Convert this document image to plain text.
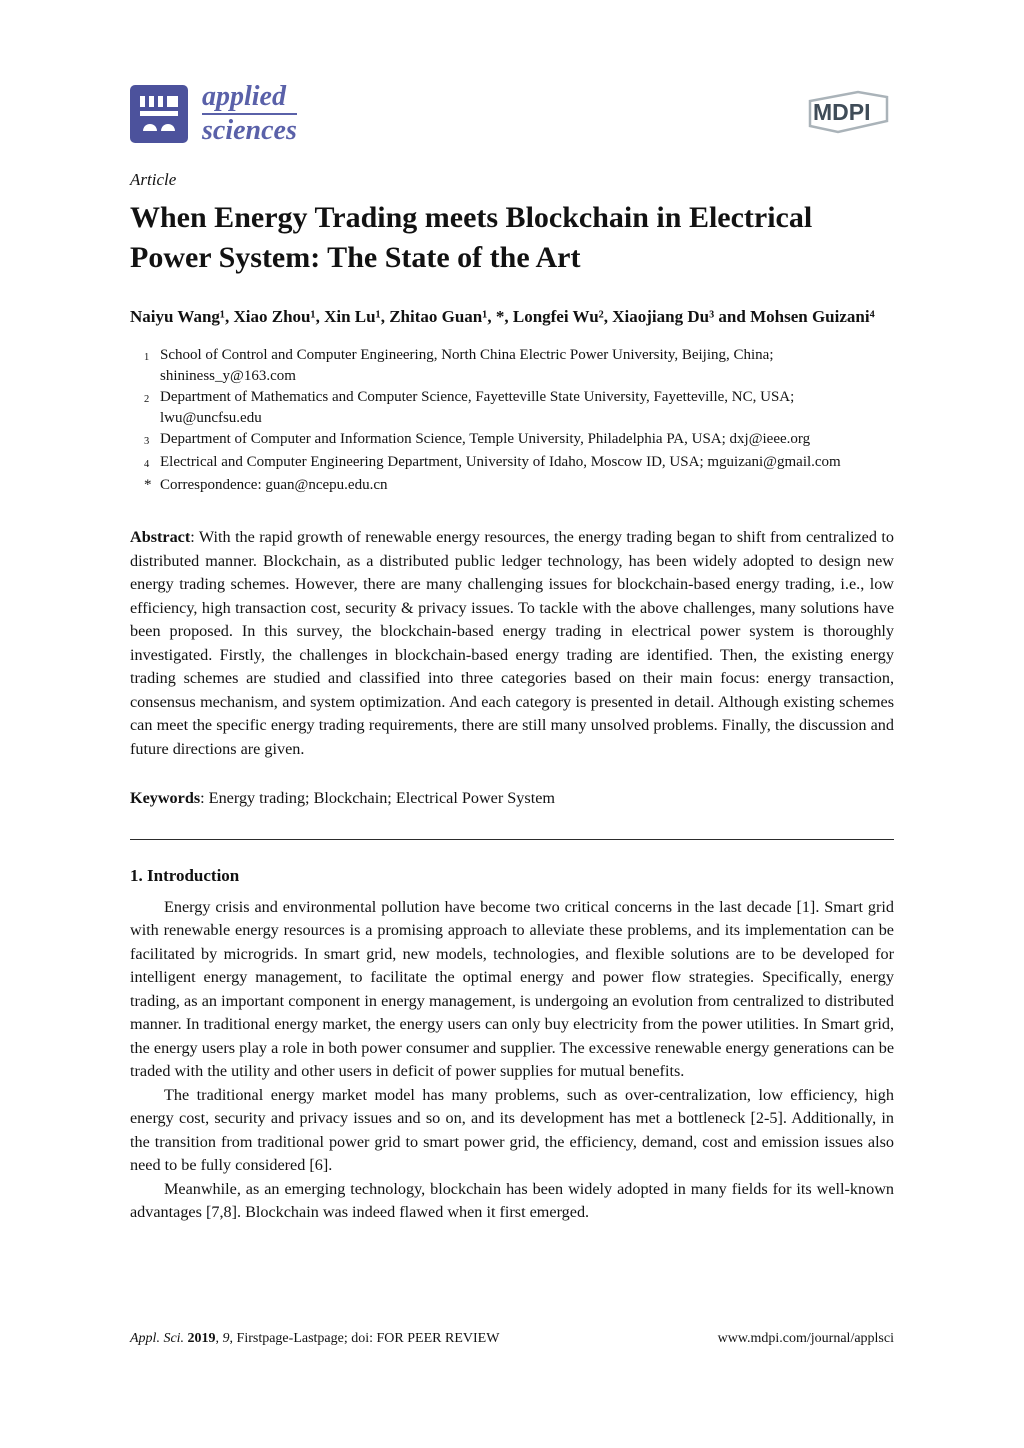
applied
sciences
MDPI

Article

When Energy Trading meets Blockchain in Electrical Power System: The State of the Art

Naiyu Wang¹, Xiao Zhou¹, Xin Lu¹, Zhitao Guan¹, *, Longfei Wu², Xiaojiang Du³ and Mohsen Guizani⁴

1 School of Control and Computer Engineering, North China Electric Power University, Beijing, China; shininess_y@163.com
2 Department of Mathematics and Computer Science, Fayetteville State University, Fayetteville, NC, USA; lwu@uncfsu.edu
3 Department of Computer and Information Science, Temple University, Philadelphia PA, USA; dxj@ieee.org
4 Electrical and Computer Engineering Department, University of Idaho, Moscow ID, USA; mguizani@gmail.com
* Correspondence: guan@ncepu.edu.cn

Abstract: With the rapid growth of renewable energy resources, the energy trading began to shift from centralized to distributed manner. Blockchain, as a distributed public ledger technology, has been widely adopted to design new energy trading schemes. However, there are many challenging issues for blockchain-based energy trading, i.e., low efficiency, high transaction cost, security & privacy issues. To tackle with the above challenges, many solutions have been proposed. In this survey, the blockchain-based energy trading in electrical power system is thoroughly investigated. Firstly, the challenges in blockchain-based energy trading are identified. Then, the existing energy trading schemes are studied and classified into three categories based on their main focus: energy transaction, consensus mechanism, and system optimization. And each category is presented in detail. Although existing schemes can meet the specific energy trading requirements, there are still many unsolved problems. Finally, the discussion and future directions are given.

Keywords: Energy trading; Blockchain; Electrical Power System

1. Introduction

Energy crisis and environmental pollution have become two critical concerns in the last decade [1]. Smart grid with renewable energy resources is a promising approach to alleviate these problems, and its implementation can be facilitated by microgrids. In smart grid, new models, technologies, and flexible solutions are to be developed for intelligent energy management, to facilitate the optimal energy and power flow strategies. Specifically, energy trading, as an important component in energy management, is undergoing an evolution from centralized to distributed manner. In traditional energy market, the energy users can only buy electricity from the power utilities. In Smart grid, the energy users play a role in both power consumer and supplier. The excessive renewable energy generations can be traded with the utility and other users in deficit of power supplies for mutual benefits.

The traditional energy market model has many problems, such as over-centralization, low efficiency, high energy cost, security and privacy issues and so on, and its development has met a bottleneck [2-5]. Additionally, in the transition from traditional power grid to smart power grid, the efficiency, demand, cost and emission issues also need to be fully considered [6].

Meanwhile, as an emerging technology, blockchain has been widely adopted in many fields for its well-known advantages [7,8]. Blockchain was indeed flawed when it first emerged.

Appl. Sci. 2019, 9, Firstpage-Lastpage; doi: FOR PEER REVIEW	www.mdpi.com/journal/applsci
